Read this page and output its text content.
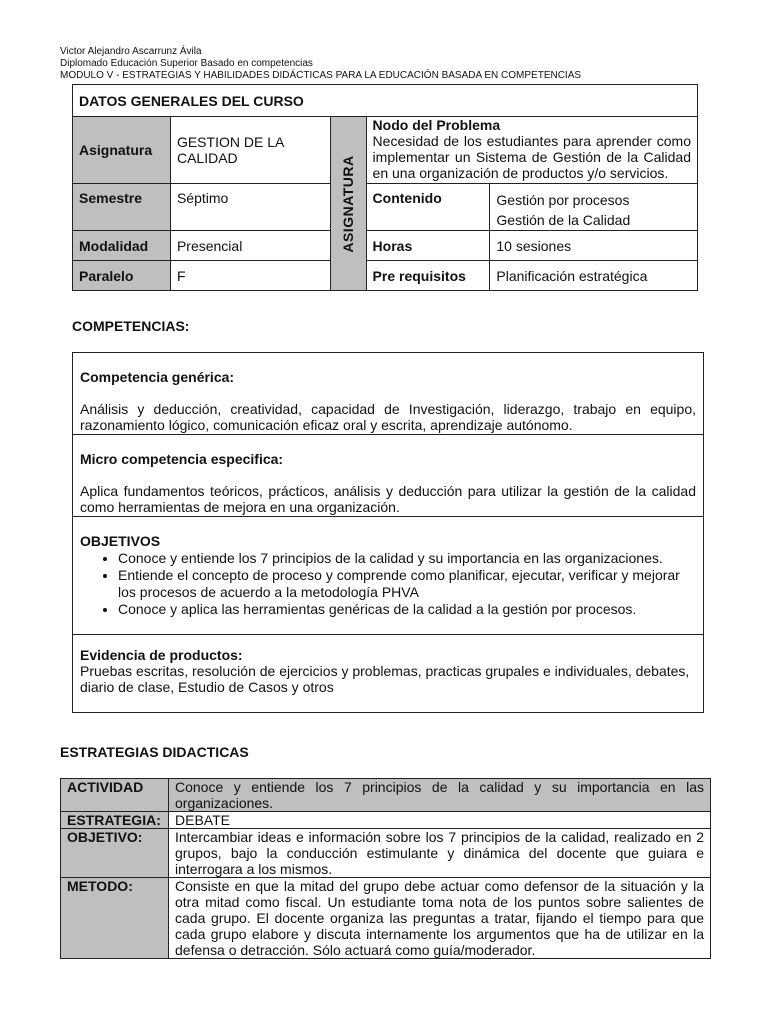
Victor Alejandro Ascarrunz Ávila
Diplomado Educación Superior Basado en competencias
MODULO V - ESTRATEGIAS Y HABILIDADES DIDÁCTICAS PARA LA EDUCACIÓN BASADA EN COMPETENCIAS
DATOS GENERALES DEL CURSO				
Asignatura	GESTION DE LA CALIDAD	ASIGNATURA	Nodo del Problema
Necesidad de los estudiantes para aprender como implementar un Sistema de Gestión de la Calidad en una organización de productos y/o servicios.	

Semestre	Séptimo		Contenido	Gestión por procesos
Gestión de la Calidad

Modalidad	Presencial		Horas	10 sesiones
Paralelo	F		Pre requisitos	Planificación estratégica
COMPETENCIAS:

Competencia genérica:

Análisis y deducción, creatividad, capacidad de Investigación, liderazgo, trabajo en equipo, razonamiento lógico, comunicación eficaz oral y escrita, aprendizaje autónomo.

Micro competencia especifica:

Aplica fundamentos teóricos, prácticos, análisis y deducción para utilizar la gestión de la calidad como herramientas de mejora en una organización.

OBJETIVOS

• Conoce y entiende los 7 principios de la calidad y su importancia en las organizaciones.
• Entiende el concepto de proceso y comprende como planificar, ejecutar, verificar y mejorar los procesos de acuerdo a la metodología PHVA
• Conoce y aplica las herramientas genéricas de la calidad a la gestión por procesos.

Evidencia de productos:

Pruebas escritas, resolución de ejercicios y problemas, practicas grupales e individuales, debates, diario de clase, Estudio de Casos y otros

ESTRATEGIAS DIDACTICAS
ACTIVIDAD	Conoce y entiende los 7 principios de la calidad y su importancia en las organizaciones.
ESTRATEGIA:	DEBATE
OBJETIVO:	Intercambiar ideas e información sobre los 7 principios de la calidad, realizado en 2 grupos, bajo la conducción estimulante y dinámica del docente que guiara e interrogara a los mismos.
METODO:	Consiste en que la mitad del grupo debe actuar como defensor de la situación y la otra mitad como fiscal. Un estudiante toma nota de los puntos sobre salientes de cada grupo. El docente organiza las preguntas a tratar, fijando el tiempo para que cada grupo elabore y discuta internamente los argumentos que ha de utilizar en la defensa o detracción. Sólo actuará como guía/moderador.
